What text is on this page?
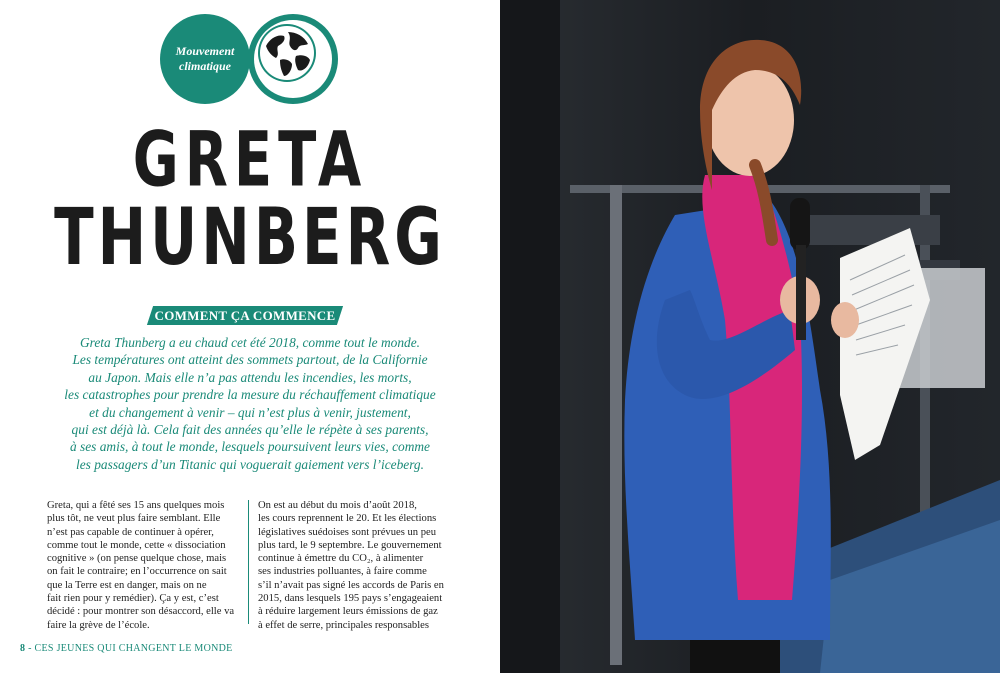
Mouvement
climatique
GRETA
THUNBERG
COMMENT ÇA COMMENCE

Greta Thunberg a eu chaud cet été 2018, comme tout le monde.

Les températures ont atteint des sommets partout, de la Californie

au Japon. Mais elle n’a pas attendu les incendies, les morts,

les catastrophes pour prendre la mesure du réchauffement climatique

et du changement à venir – qui n’est plus à venir, justement,

qui est déjà là. Cela fait des années qu’elle le répète à ses parents,

à ses amis, à tout le monde, lesquels poursuivent leurs vies, comme

les passagers d’un Titanic qui voguerait gaiement vers l’iceberg.

Greta, qui a fêté ses 15 ans quelques mois

plus tôt, ne veut plus faire semblant. Elle

n’est pas capable de continuer à opérer,

comme tout le monde, cette « dissociation

cognitive » (on pense quelque chose, mais

on fait le contraire; en l’occurrence on sait

que la Terre est en danger, mais on ne

fait rien pour y remédier). Ça y est, c’est

décidé : pour montrer son désaccord, elle va

faire la grève de l’école.

On est au début du mois d’août 2018,

les cours reprennent le 20. Et les élections

législatives suédoises sont prévues un peu

plus tard, le 9 septembre. Le gouvernement

continue à émettre du CO₂, à alimenter

ses industries polluantes, à faire comme

s’il n’avait pas signé les accords de Paris en

2015, dans lesquels 195 pays s’engageaient

à réduire largement leurs émissions de gaz

à effet de serre, principales responsables

8 - CES JEUNES QUI CHANGENT LE MONDE
